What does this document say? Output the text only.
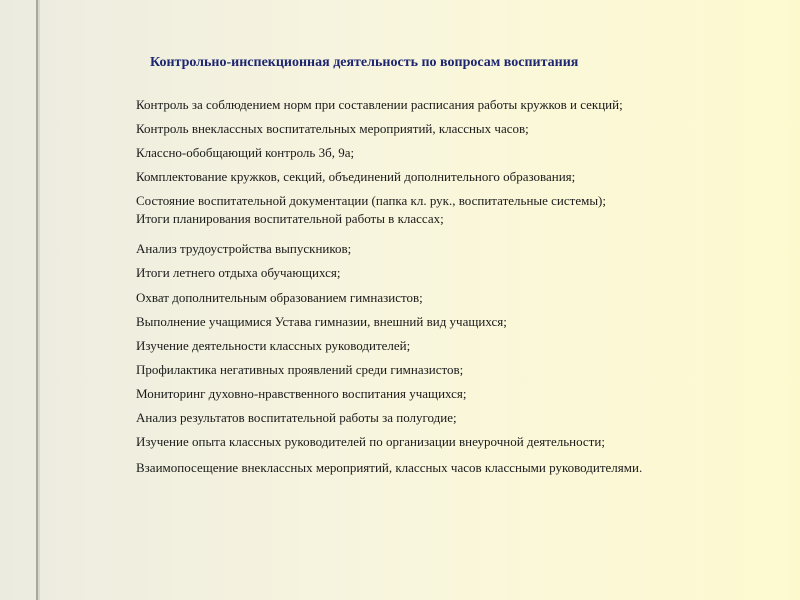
Контрольно-инспекционная деятельность по вопросам воспитания
Контроль за соблюдением норм при составлении расписания работы кружков и секций;
Контроль внеклассных воспитательных мероприятий, классных часов;
Классно-обобщающий контроль 3б, 9а;
Комплектование кружков, секций, объединений дополнительного образования;
Состояние воспитательной документации (папка кл. рук., воспитательные системы);
Итоги планирования воспитательной работы в классах;
Анализ трудоустройства выпускников;
Итоги летнего отдыха обучающихся;
Охват дополнительным образованием гимназистов;
Выполнение учащимися Устава гимназии, внешний вид учащихся;
Изучение деятельности классных руководителей;
Профилактика негативных проявлений среди гимназистов;
Мониторинг духовно-нравственного воспитания учащихся;
Анализ результатов воспитательной работы за полугодие;
Изучение опыта классных руководителей по организации внеурочной деятельности;
Взаимопосещение внеклассных мероприятий, классных часов классными руководителями.
